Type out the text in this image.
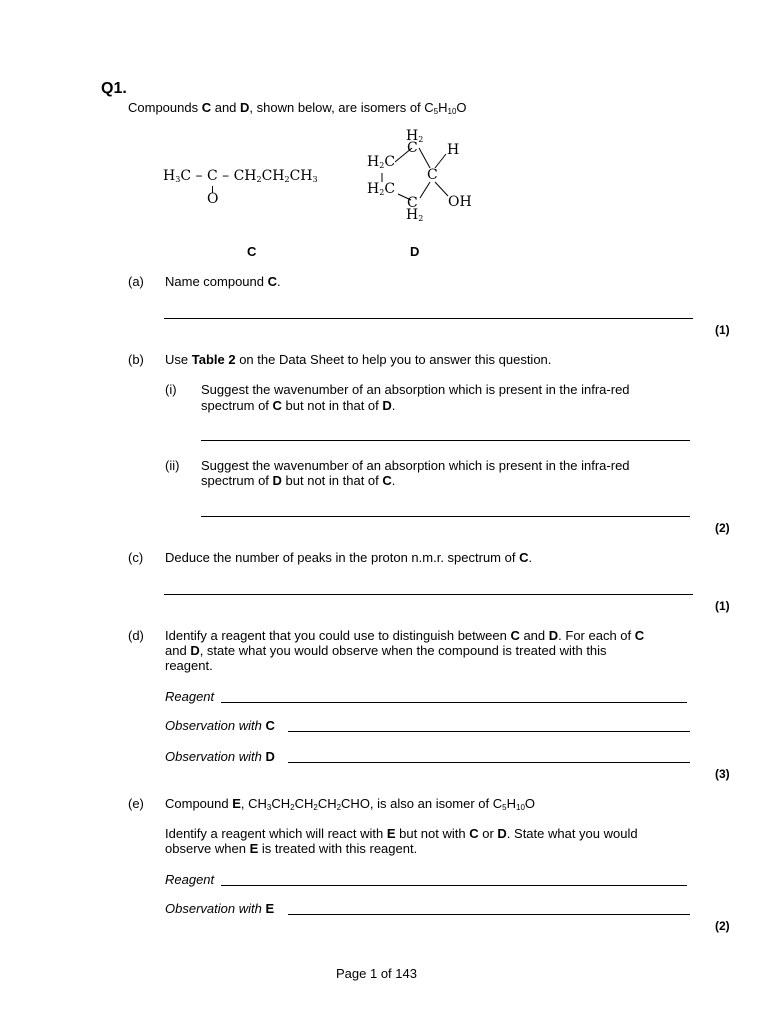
Q1.
Compounds C and D, shown below, are isomers of $C_5H_{10}O$
$H_3C$ – C – $CH_2CH_2CH_3$
O
$H_2$
C H
$H_2C$
C
$H_2C$
OH
C
$H_2$
C	D
(a) Name compound C.
(1)
(b) Use Table 2 on the Data Sheet to help you to answer this question.
(i) Suggest the wavenumber of an absorption which is present in the infra-red
spectrum of C but not in that of D.
(ii) Suggest the wavenumber of an absorption which is present in the infra-red
spectrum of D but not in that of C.
(2)
(c) Deduce the number of peaks in the proton n.m.r. spectrum of C.
(1)
(d) Identify a reagent that you could use to distinguish between C and D. For each of C
and D, state what you would observe when the compound is treated with this
reagent.
Reagent
Observation with C
Observation with D
(3)
(e) Compound E, $CH_3CH_2CH_2CH_2CHO$, is also an isomer of $C_5H_{10}O$
Identify a reagent which will react with E but not with C or D. State what you would
observe when E is treated with this reagent.
Reagent
Observation with E
(2)
Page 1 of 143
